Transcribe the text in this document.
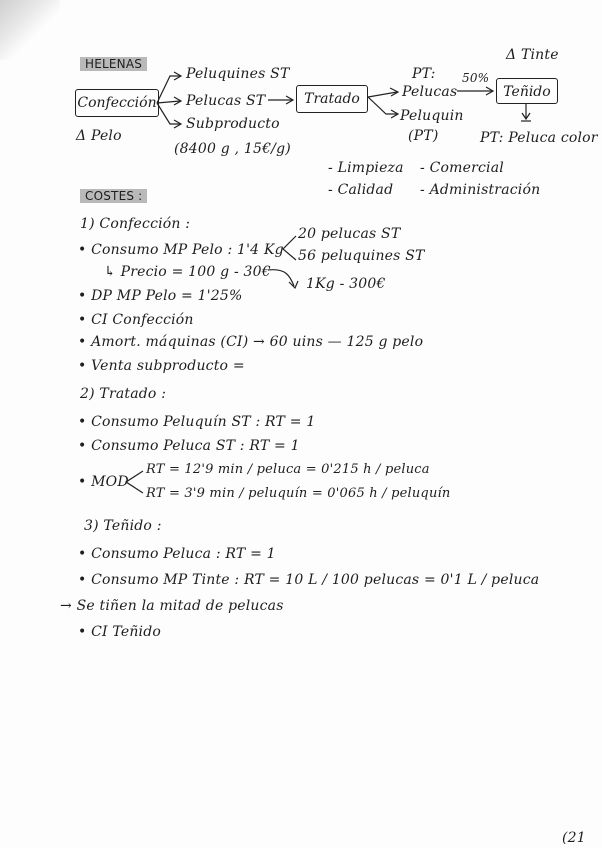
HELENAS
Δ Tinte
Confección	Tratado	Teñido
Peluquines ST
Pelucas ST
Subproducto
(8400 g , 15€/g)
Δ Pelo
PT:
Pelucas
Peluquin
(PT)
50%
PT: Peluca color
- Limpieza - Comercial
- Calidad - Administración
COSTES :
1) Confección :
• Consumo MP Pelo : 1'4 Kg
20 pelucas ST
56 peluquines ST
↳ Precio = 100 g - 30€
• DP MP Pelo = 1'25%
1Kg - 300€
• CI Confección
• Amort. máquinas (CI) → 60 uins — 125 g pelo
• Venta subproducto =
2) Tratado :
• Consumo Peluquín ST : RT = 1
• Consumo Peluca ST : RT = 1
• MOD
RT = 12'9 min / peluca = 0'215 h / peluca
RT = 3'9 min / peluquín = 0'065 h / peluquín
3) Teñido :
• Consumo Peluca : RT = 1
• Consumo MP Tinte : RT = 10 L / 100 pelucas = 0'1 L / peluca
→ Se tiñen la mitad de pelucas
• CI Teñido
(21
